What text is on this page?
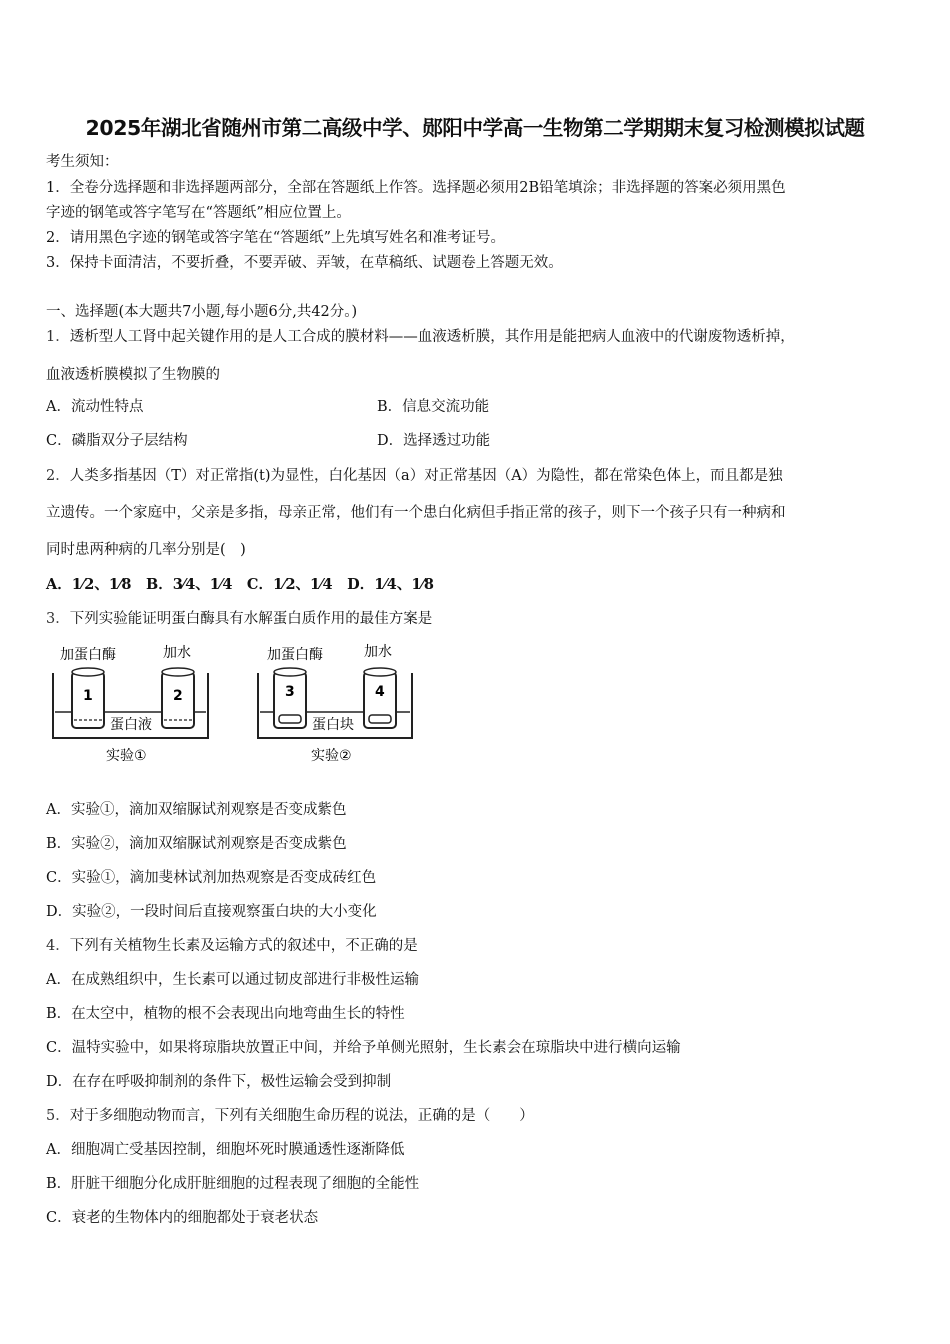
2025年湖北省随州市第二高级中学、郧阳中学高一生物第二学期期末复习检测模拟试题
考生须知：
1．全卷分选择题和非选择题两部分，全部在答题纸上作答。选择题必须用2B铅笔填涂；非选择题的答案必须用黑色
字迹的钢笔或答字笔写在“答题纸”相应位置上。
2．请用黑色字迹的钢笔或答字笔在“答题纸”上先填写姓名和准考证号。
3．保持卡面清洁，不要折叠，不要弄破、弄皱，在草稿纸、试题卷上答题无效。
一、选择题(本大题共7小题,每小题6分,共42分。)
1．透析型人工肾中起关键作用的是人工合成的膜材料——血液透析膜，其作用是能把病人血液中的代谢废物透析掉，
血液透析膜模拟了生物膜的
A．流动性特点	B．信息交流功能
C．磷脂双分子层结构	D．选择透过功能
2．人类多指基因（T）对正常指(t)为显性，白化基因（a）对正常基因（A）为隐性，都在常染色体上，而且都是独
立遗传。一个家庭中，父亲是多指，母亲正常，他们有一个患白化病但手指正常的孩子，则下一个孩子只有一种病和
同时患两种病的几率分别是(　)
A．1⁄2、1⁄8　B．3⁄4、1⁄4　C．1⁄2、1⁄4　D．1⁄4、1⁄8
3．下列实验能证明蛋白酶具有水解蛋白质作用的最佳方案是
加蛋白酶	加水
1	2
蛋白液
实验①
加蛋白酶	加水
3	4
蛋白块
实验②
A．实验①，滴加双缩脲试剂观察是否变成紫色
B．实验②，滴加双缩脲试剂观察是否变成紫色
C．实验①，滴加斐林试剂加热观察是否变成砖红色
D．实验②，一段时间后直接观察蛋白块的大小变化
4．下列有关植物生长素及运输方式的叙述中，不正确的是
A．在成熟组织中，生长素可以通过韧皮部进行非极性运输
B．在太空中，植物的根不会表现出向地弯曲生长的特性
C．温特实验中，如果将琼脂块放置正中间，并给予单侧光照射，生长素会在琼脂块中进行横向运输
D．在存在呼吸抑制剂的条件下，极性运输会受到抑制
5．对于多细胞动物而言，下列有关细胞生命历程的说法，正确的是（　　）
A．细胞凋亡受基因控制，细胞坏死时膜通透性逐渐降低
B．肝脏干细胞分化成肝脏细胞的过程表现了细胞的全能性
C．衰老的生物体内的细胞都处于衰老状态
